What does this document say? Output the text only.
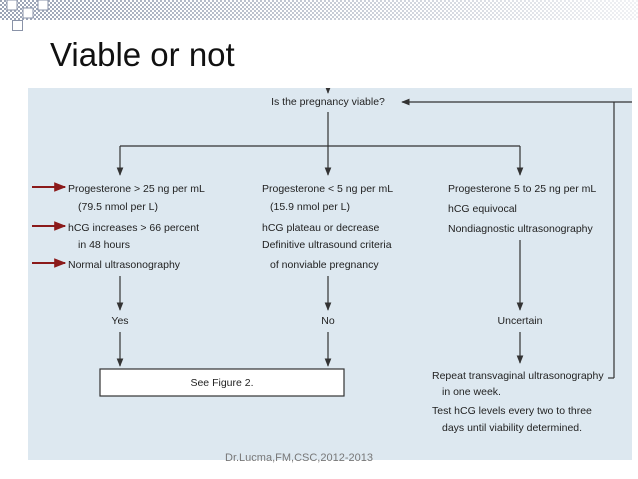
Viable or not
Is the pregnancy viable?
Progesterone > 25 ng per mL
(79.5 nmol per L)
hCG increases > 66 percent
in 48 hours
Normal ultrasonography
Progesterone < 5 ng per mL
(15.9 nmol per L)
hCG plateau or decrease
Definitive ultrasound criteria
of nonviable pregnancy
Progesterone 5 to 25 ng per mL
hCG equivocal
Nondiagnostic ultrasonography
Yes	No	Uncertain
See Figure 2.
Repeat transvaginal ultrasonography
in one week.
Test hCG levels every two to three
days until viability determined.
Dr.Lucma,FM,CSC,2012-2013
